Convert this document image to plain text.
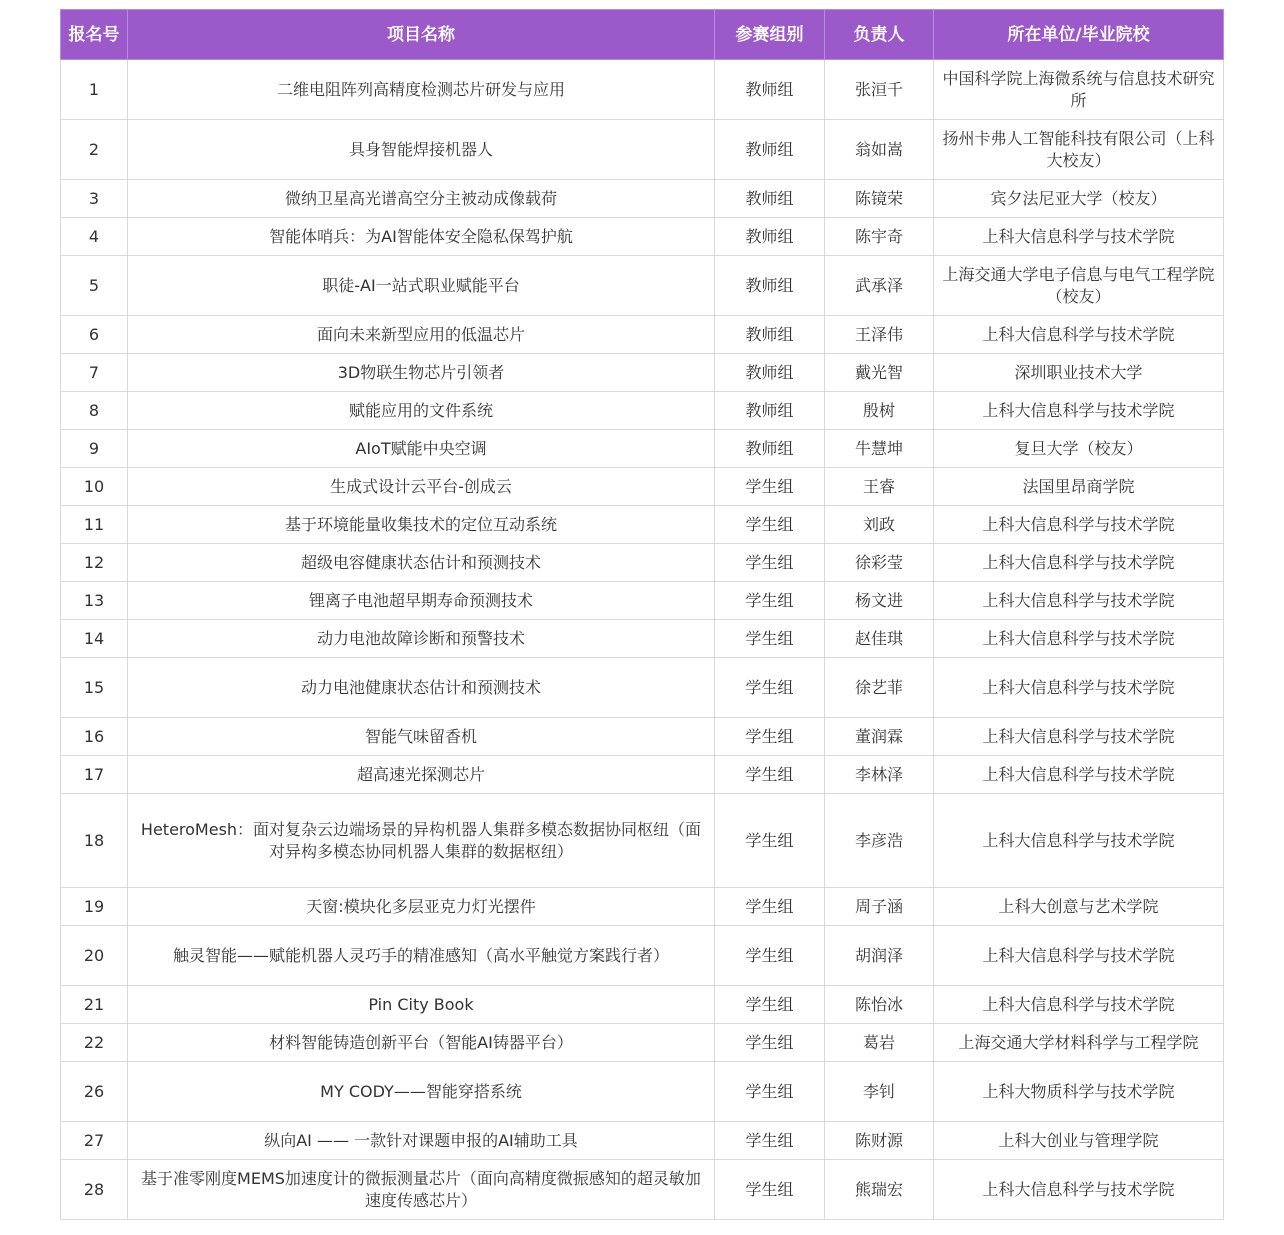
报名号	项目名称	参赛组别	负责人	所在单位/毕业院校
1	二维电阻阵列高精度检测芯片研发与应用	教师组	张洹千	中国科学院上海微系统与信息技术研究所
2	具身智能焊接机器人	教师组	翁如嵩	扬州卡弗人工智能科技有限公司（上科大校友）
3	微纳卫星高光谱高空分主被动成像载荷	教师组	陈镜荣	宾夕法尼亚大学（校友）
4	智能体哨兵：为AI智能体安全隐私保驾护航	教师组	陈宇奇	上科大信息科学与技术学院
5	职徒-AI一站式职业赋能平台	教师组	武承泽	上海交通大学电子信息与电气工程学院（校友）
6	面向未来新型应用的低温芯片	教师组	王泽伟	上科大信息科学与技术学院
7	3D物联生物芯片引领者	教师组	戴光智	深圳职业技术大学
8	赋能应用的文件系统	教师组	殷树	上科大信息科学与技术学院
9	AIoT赋能中央空调	教师组	牛慧坤	复旦大学（校友）
10	生成式设计云平台-创成云	学生组	王睿	法国里昂商学院
11	基于环境能量收集技术的定位互动系统	学生组	刘政	上科大信息科学与技术学院
12	超级电容健康状态估计和预测技术	学生组	徐彩莹	上科大信息科学与技术学院
13	锂离子电池超早期寿命预测技术	学生组	杨文进	上科大信息科学与技术学院
14	动力电池故障诊断和预警技术	学生组	赵佳琪	上科大信息科学与技术学院
15	动力电池健康状态估计和预测技术	学生组	徐艺菲	上科大信息科学与技术学院
16	智能气味留香机	学生组	董润霖	上科大信息科学与技术学院
17	超高速光探测芯片	学生组	李林泽	上科大信息科学与技术学院
18	HeteroMesh：面对复杂云边端场景的异构机器人集群多模态数据协同枢纽（面对异构多模态协同机器人集群的数据枢纽）	学生组	李彦浩	上科大信息科学与技术学院
19	天窗:模块化多层亚克力灯光摆件	学生组	周子涵	上科大创意与艺术学院
20	触灵智能——赋能机器人灵巧手的精准感知（高水平触觉方案践行者）	学生组	胡润泽	上科大信息科学与技术学院
21	Pin City Book	学生组	陈怡冰	上科大信息科学与技术学院
22	材料智能铸造创新平台（智能AI铸器平台）	学生组	葛岩	上海交通大学材料科学与工程学院
26	MY CODY——智能穿搭系统	学生组	李钊	上科大物质科学与技术学院
27	纵向AI —— 一款针对课题申报的AI辅助工具	学生组	陈财源	上科大创业与管理学院
28	基于准零刚度MEMS加速度计的微振测量芯片（面向高精度微振感知的超灵敏加速度传感芯片）	学生组	熊瑞宏	上科大信息科学与技术学院
